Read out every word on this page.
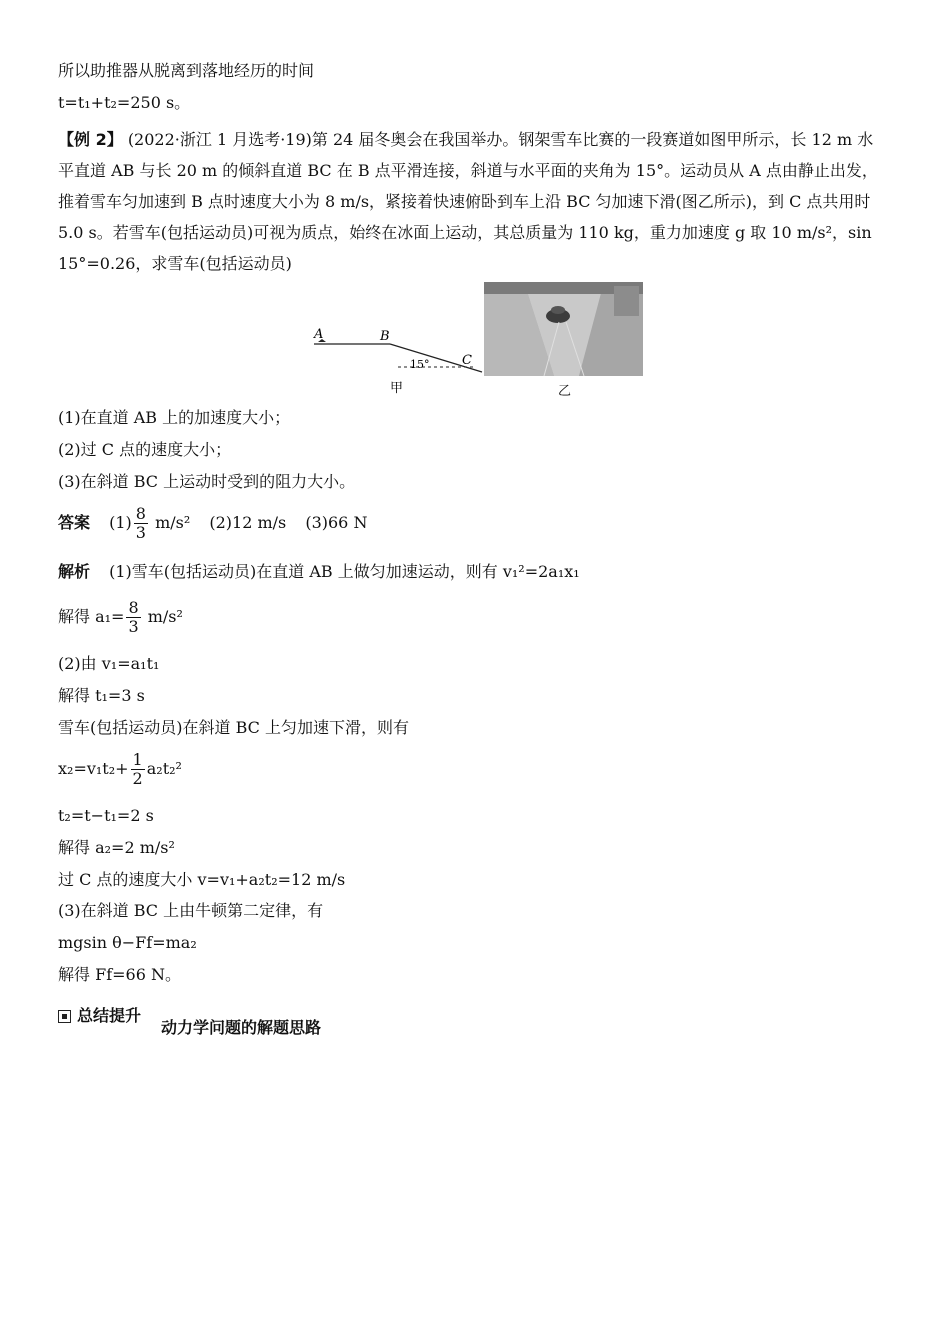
所以助推器从脱离到落地经历的时间
t=t₁+t₂=250 s。
【例 2】 (2022·浙江 1 月选考·19)第 24 届冬奥会在我国举办。钢架雪车比赛的一段赛道如图甲所示，长 12 m 水平直道 AB 与长 20 m 的倾斜直道 BC 在 B 点平滑连接，斜道与水平面的夹角为 15°。运动员从 A 点由静止出发，推着雪车匀加速到 B 点时速度大小为 8 m/s，紧接着快速俯卧到车上沿 BC 匀加速下滑(图乙所示)，到 C 点共用时 5.0 s。若雪车(包括运动员)可视为质点，始终在冰面上运动，其总质量为 110 kg，重力加速度 g 取 10 m/s²，sin 15°=0.26，求雪车(包括运动员)
A	B
C
15°
甲	乙
(1)在直道 AB 上的加速度大小；
(2)过 C 点的速度大小；
(3)在斜道 BC 上运动时受到的阻力大小。
答案 $(1) \frac{8}{3} m/s^2$ (2)12 m/s (3)66 N
解析 (1)雪车(包括运动员)在直道 AB 上做匀加速运动，则有 v₁²=2a₁x₁
解得 $a_1= \frac{8}{3} m/s^2$
(2)由 v₁=a₁t₁
解得 t₁=3 s
雪车(包括运动员)在斜道 BC 上匀加速下滑，则有
$x_2=v_1t_2+ \frac{1}{2} a_2t_2^2$
t₂=t−t₁=2 s
解得 a₂=2 m/s²
过 C 点的速度大小 v=v₁+a₂t₂=12 m/s
(3)在斜道 BC 上由牛顿第二定律，有
mgsin θ−Ff=ma₂
解得 Ff=66 N。
总结提升
动力学问题的解题思路
